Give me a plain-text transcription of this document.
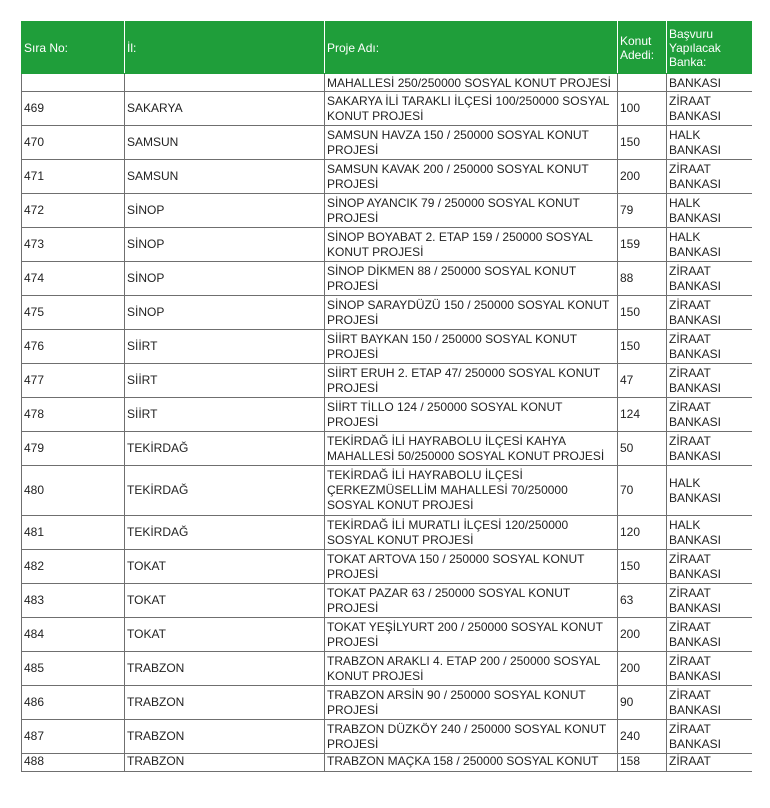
Sıra No:	İl:	Proje Adı:	Konut
Adedi:	Başvuru
Yapılacak
Banka:
		MAHALLESİ 250/250000 SOSYAL KONUT PROJESİ		BANKASI
469	SAKARYA	SAKARYA İLİ TARAKLI İLÇESİ 100/250000 SOSYAL
KONUT PROJESİ	100	ZİRAAT
BANKASI
470	SAMSUN	SAMSUN HAVZA 150 / 250000 SOSYAL KONUT
PROJESİ	150	HALK
BANKASI
471	SAMSUN	SAMSUN KAVAK 200 / 250000 SOSYAL KONUT
PROJESİ	200	ZİRAAT
BANKASI
472	SİNOP	SİNOP AYANCIK 79 / 250000 SOSYAL KONUT
PROJESİ	79	HALK
BANKASI
473	SİNOP	SİNOP BOYABAT 2. ETAP 159 / 250000 SOSYAL
KONUT PROJESİ	159	HALK
BANKASI
474	SİNOP	SİNOP DİKMEN 88 / 250000 SOSYAL KONUT
PROJESİ	88	ZİRAAT
BANKASI
475	SİNOP	SİNOP SARAYDÜZÜ 150 / 250000 SOSYAL KONUT
PROJESİ	150	ZİRAAT
BANKASI
476	SİİRT	SİİRT BAYKAN 150 / 250000 SOSYAL KONUT
PROJESİ	150	ZİRAAT
BANKASI
477	SİİRT	SİİRT ERUH 2. ETAP 47/ 250000 SOSYAL KONUT
PROJESİ	47	ZİRAAT
BANKASI
478	SİİRT	SİİRT TİLLO 124 / 250000 SOSYAL KONUT
PROJESİ	124	ZİRAAT
BANKASI
479	TEKİRDAĞ	TEKİRDAĞ İLİ HAYRABOLU İLÇESİ KAHYA
MAHALLESİ 50/250000 SOSYAL KONUT PROJESİ	50	ZİRAAT
BANKASI
480	TEKİRDAĞ	TEKİRDAĞ İLİ HAYRABOLU İLÇESİ
ÇERKEZMÜSELLİM MAHALLESİ 70/250000
SOSYAL KONUT PROJESİ	70	HALK
BANKASI
481	TEKİRDAĞ	TEKİRDAĞ İLİ MURATLI İLÇESİ 120/250000
SOSYAL KONUT PROJESİ	120	HALK
BANKASI
482	TOKAT	TOKAT ARTOVA 150 / 250000 SOSYAL KONUT
PROJESİ	150	ZİRAAT
BANKASI
483	TOKAT	TOKAT PAZAR 63 / 250000 SOSYAL KONUT
PROJESİ	63	ZİRAAT
BANKASI
484	TOKAT	TOKAT YEŞİLYURT 200 / 250000 SOSYAL KONUT
PROJESİ	200	ZİRAAT
BANKASI
485	TRABZON	TRABZON ARAKLI 4. ETAP 200 / 250000 SOSYAL
KONUT PROJESİ	200	ZİRAAT
BANKASI
486	TRABZON	TRABZON ARSİN 90 / 250000 SOSYAL KONUT
PROJESİ	90	ZİRAAT
BANKASI
487	TRABZON	TRABZON DÜZKÖY 240 / 250000 SOSYAL KONUT
PROJESİ	240	ZİRAAT
BANKASI
488	TRABZON	TRABZON MAÇKA 158 / 250000 SOSYAL KONUT	158	ZİRAAT
